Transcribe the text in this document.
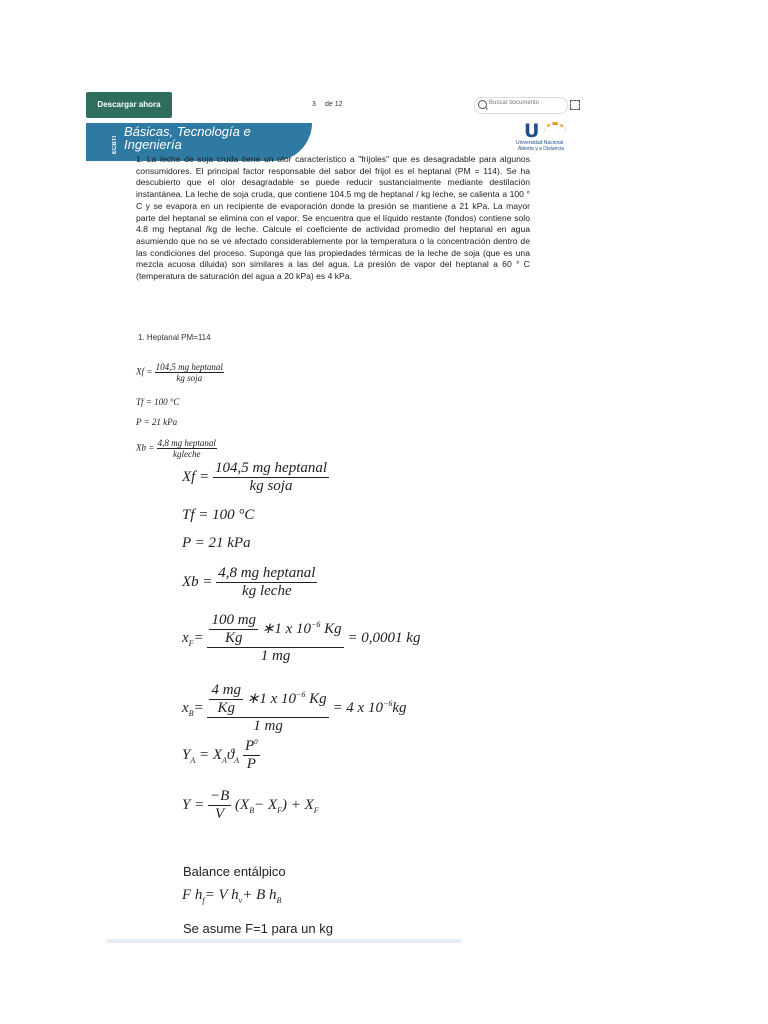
Descargar ahora	3	de 12	Buscar documento
ECBTI
Básicas, Tecnología e
Ingeniería
U
Universidad Nacional
Abierta y a Distancia
1. La leche de soja cruda tiene un olor característico a "frijoles" que es desagradable para algunos consumidores. El principal factor responsable del sabor del frijol es el heptanal (PM = 114). Se ha descubierto que el olor desagradable se puede reducir sustancialmente mediante destilación instantánea. La leche de soja cruda, que contiene 104.5 mg de heptanal / kg leche, se calienta a 100 ° C y se evapora en un recipiente de evaporación donde la presión se mantiene a 21 kPa. La mayor parte del heptanal se elimina con el vapor. Se encuentra que el líquido restante (fondos) contiene solo 4.8 mg heptanal /kg de leche. Calcule el coeficiente de actividad promedio del heptanal en agua asumiendo que no se ve afectado considerablemente por la temperatura o la concentración dentro de las condiciones del proceso. Suponga que las propiedades térmicas de la leche de soja (que es una mezcla acuosa diluida) son similares a las del agua. La presión de vapor del heptanal a 60 ° C (temperatura de saturación del agua a 20 kPa) es 4 kPa.
1. Heptanal PM=114
$Xf = \frac{\text{104,5 mg heptanal}}{\text{kg soja}}$
Tf = 100 °C
P = 21 kPa
$Xb = \frac{\text{4,8 mg heptanal}}{\text{kgleche}}$
$Xf = \frac{\text{104,5 mg heptanal}}{\text{kg soja}}$
Tf = 100 °C
P = 21 kPa
$Xb = \frac{\text{4,8 mg heptanal}}{\text{kg leche}}$
$x_F= \frac{\frac{100 mg}{Kg} ∗1 x 10^{-6} Kg}{1 mg} = 0,0001$ kg
$x_B= \frac{\frac{4 mg}{Kg} ∗1 x 10^{-6} Kg}{1 mg} = 4$ x $10^{-6}kg$
$Y_A = X_Aϑ_A \frac{P^0}{P}$
$Y = \frac{-B}{V} (X_B- X_F) + X_F$
Balance entálpico
F $h_f= V$ $h_v+ B$ $h_B$
Se asume F=1 para un kg
